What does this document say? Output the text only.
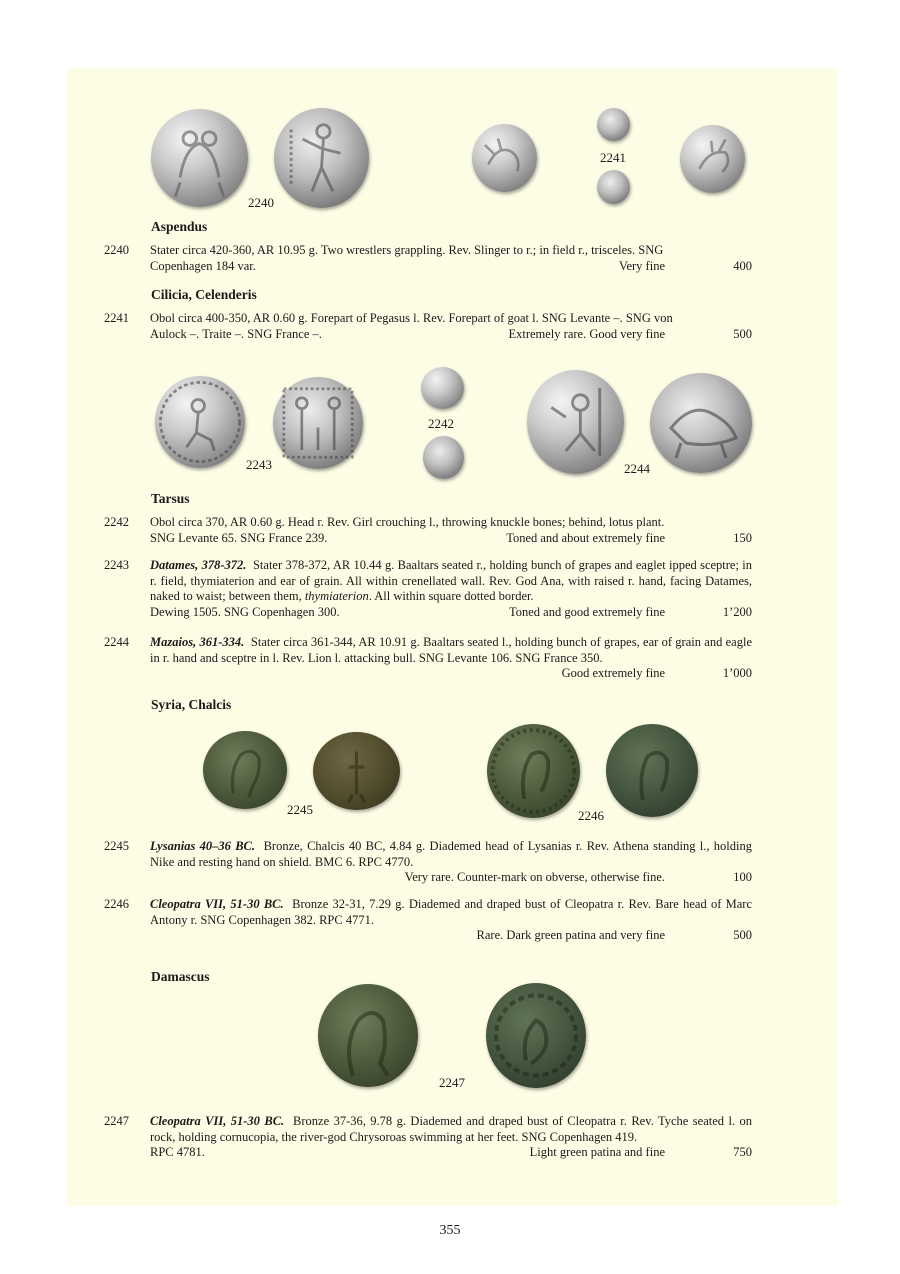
2240
2241
Aspendus
2240 Stater circa 420-360, AR 10.95 g. Two wrestlers grappling. Rev. Slinger to r.; in field r., trisceles. SNG
Copenhagen 184 var.	Very fine	400
Cilicia, Celenderis
2241 Obol circa 400-350, AR 0.60 g. Forepart of Pegasus l. Rev. Forepart of goat l. SNG Levante –. SNG von
Aulock –. Traite –. SNG France –.	Extremely rare. Good very fine	500
2243
2242
2244
Tarsus
2242 Obol circa 370, AR 0.60 g. Head r. Rev. Girl crouching l., throwing knuckle bones; behind, lotus plant.
SNG Levante 65. SNG France 239.	Toned and about extremely fine	150
2243 Datames, 378-372. Stater 378-372, AR 10.44 g. Baaltars seated r., holding bunch of grapes and eaglet ipped sceptre; in r. field, thymiaterion and ear of grain. All within crenellated wall. Rev. God Ana, with raised r. hand, facing Datames, naked to waist; between them, thymiaterion. All within square dotted border.
Dewing 1505. SNG Copenhagen 300.	Toned and good extremely fine	1’200
2244 Mazaios, 361-334. Stater circa 361-344, AR 10.91 g. Baaltars seated l., holding bunch of grapes, ear of grain and eagle in r. hand and sceptre in l. Rev. Lion l. attacking bull. SNG Levante 106. SNG France 350.
Good extremely fine	1’000
Syria, Chalcis
2245	2246
2245 Lysanias 40–36 BC. Bronze, Chalcis 40 BC, 4.84 g. Diademed head of Lysanias r. Rev. Athena standing l., holding Nike and resting hand on shield. BMC 6. RPC 4770.
Very rare. Counter-mark on obverse, otherwise fine.	100
2246 Cleopatra VII, 51-30 BC. Bronze 32-31, 7.29 g. Diademed and draped bust of Cleopatra r. Rev. Bare head of Marc Antony r. SNG Copenhagen 382. RPC 4771.
Rare. Dark green patina and very fine	500
Damascus
2247
2247 Cleopatra VII, 51-30 BC. Bronze 37-36, 9.78 g. Diademed and draped bust of Cleopatra r. Rev. Tyche seated l. on rock, holding cornucopia, the river-god Chrysoroas swimming at her feet. SNG Copenhagen 419.
RPC 4781.	Light green patina and fine	750
355
